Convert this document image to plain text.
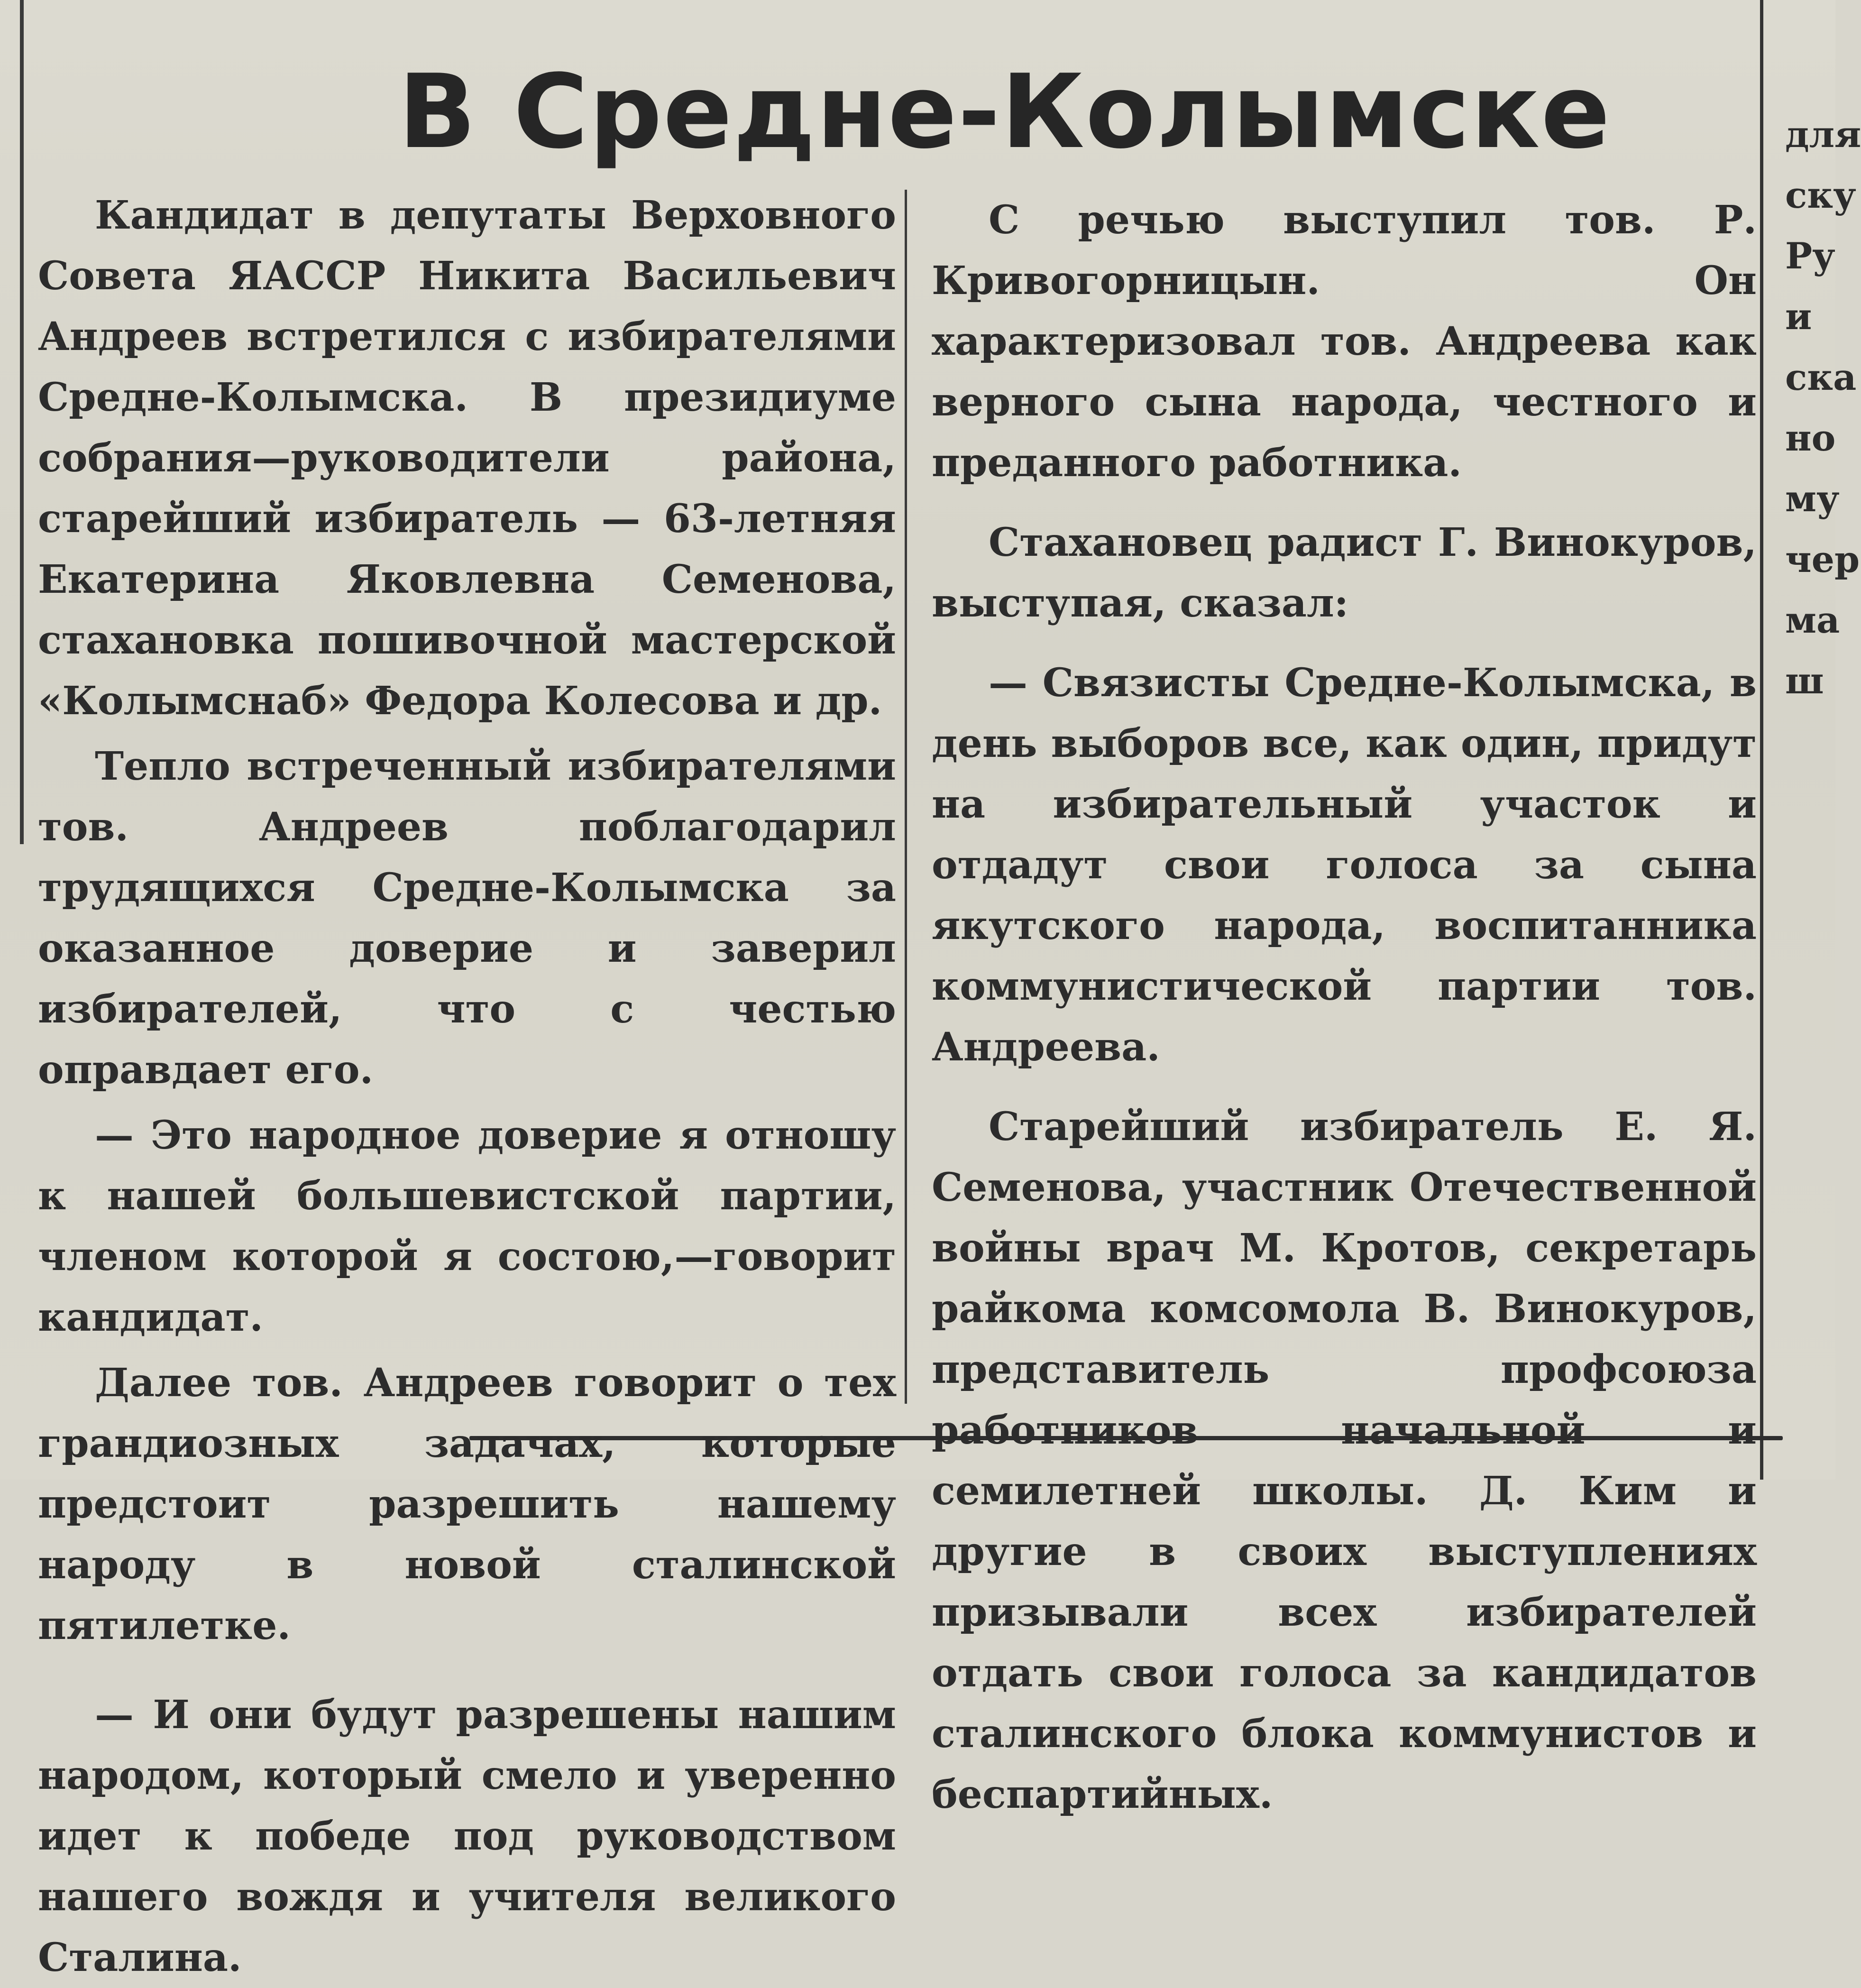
В Средне-Колымске

Кандидат в депутаты Верховного Совета ЯАССР Никита Васильевич Андреев встретился с избирателями Средне-Колымска. В президиуме собрания—руководители района, старейший избиратель — 63-летняя Екатерина Яковлевна Семенова, стахановка пошивочной мастерской «Колымснаб» Федора Колесова и др.

Тепло встреченный избирателями тов. Андреев поблагодарил трудящихся Средне-Колымска за оказанное доверие и заверил избирателей, что с честью оправдает его.

— Это народное доверие я отношу к нашей большевистской партии, членом которой я состою,—говорит кандидат.

Далее тов. Андреев говорит о тех грандиозных задачах, которые предстоит разрешить нашему народу в новой сталинской пятилетке.

— И они будут разрешены нашим народом, который смело и уверенно идет к победе под руководством нашего вождя и учителя великого Сталина.

С речью выступил тов. Р. Кривогорницын. Он характеризовал тов. Андреева как верного сына народа, честного и преданного работника.

Стахановец радист Г. Винокуров, выступая, сказал:

— Связисты Средне-Колымска, в день выборов все, как один, придут на избирательный участок и отдадут свои голоса за сына якутского народа, воспитанника коммунистической партии тов. Андреева.

Старейший избиратель Е. Я. Семенова, участник Отечественной войны врач М. Кротов, секретарь райкома комсомола В. Винокуров, представитель профсоюза работников начальной и семилетней школы. Д. Ким и другие в своих выступлениях призывали всех избирателей отдать свои голоса за кандидатов сталинского блока коммунистов и беспартийных.

для
ску
Ру
и
ска
но
му
чер
ма
ш
